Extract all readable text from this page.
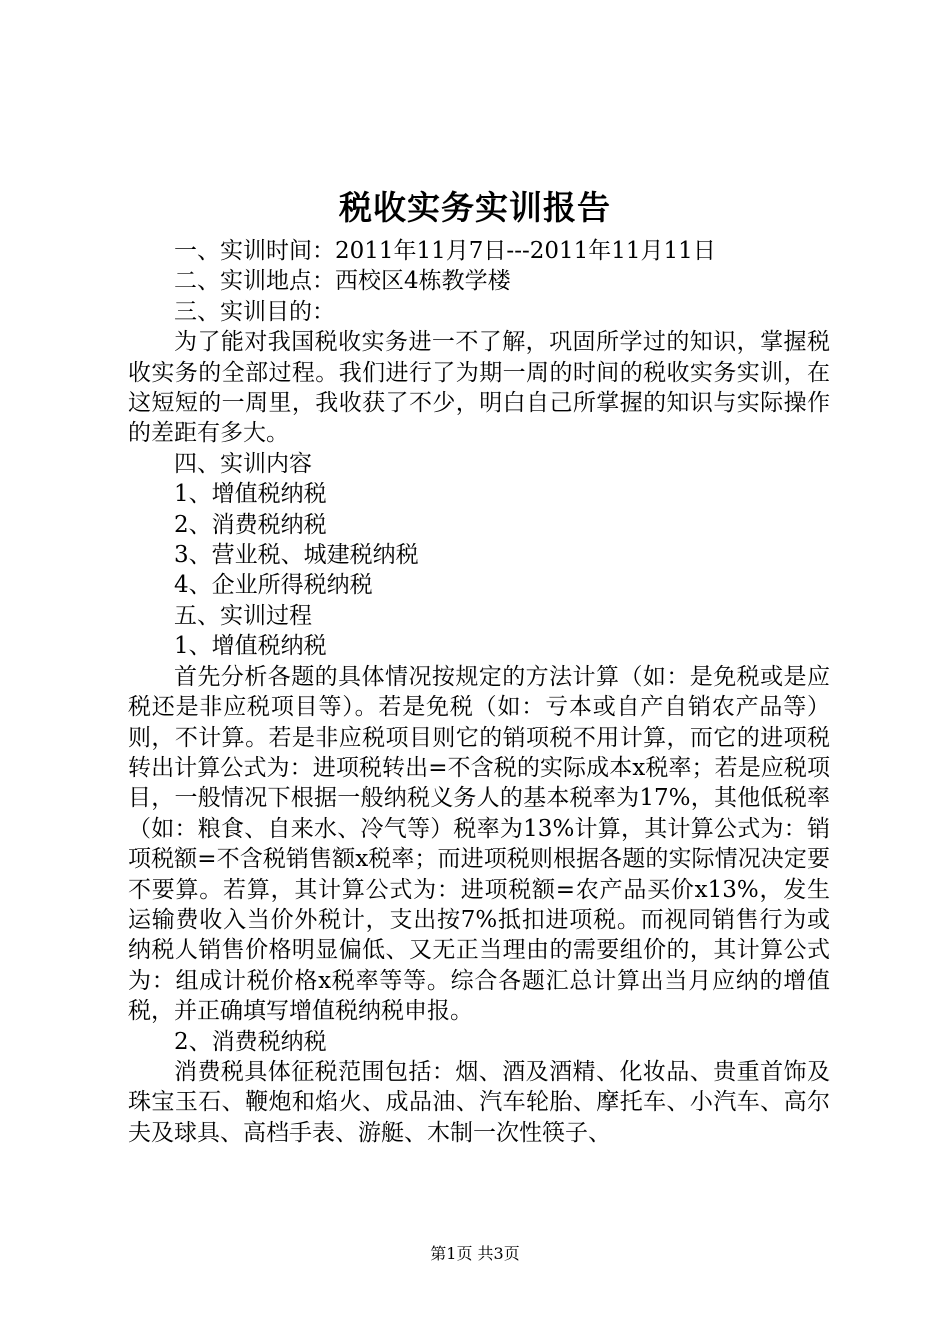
税收实务实训报告

一、实训时间：2011年11月7日---2011年11月11日

二、实训地点：西校区4栋教学楼

三、实训目的：

为了能对我国税收实务进一不了解，巩固所学过的知识，掌握税收实务的全部过程。我们进行了为期一周的时间的税收实务实训，在这短短的一周里，我收获了不少，明白自己所掌握的知识与实际操作的差距有多大。

四、实训内容

1、增值税纳税

2、消费税纳税

3、营业税、城建税纳税

4、企业所得税纳税

五、实训过程

1、增值税纳税

首先分析各题的具体情况按规定的方法计算（如：是免税或是应税还是非应税项目等）。若是免税（如：亏本或自产自销农产品等）则，不计算。若是非应税项目则它的销项税不用计算，而它的进项税转出计算公式为：进项税转出=不含税的实际成本x税率；若是应税项目，一般情况下根据一般纳税义务人的基本税率为17%，其他低税率（如：粮食、自来水、冷气等）税率为13%计算，其计算公式为：销项税额=不含税销售额x税率；而进项税则根据各题的实际情况决定要不要算。若算，其计算公式为：进项税额=农产品买价x13%，发生运输费收入当价外税计，支出按7%抵扣进项税。而视同销售行为或纳税人销售价格明显偏低、又无正当理由的需要组价的，其计算公式为：组成计税价格x税率等等。综合各题汇总计算出当月应纳的增值税，并正确填写增值税纳税申报。

2、消费税纳税

消费税具体征税范围包括：烟、酒及酒精、化妆品、贵重首饰及珠宝玉石、鞭炮和焰火、成品油、汽车轮胎、摩托车、小汽车、高尔夫及球具、高档手表、游艇、木制一次性筷子、

第1页 共3页
